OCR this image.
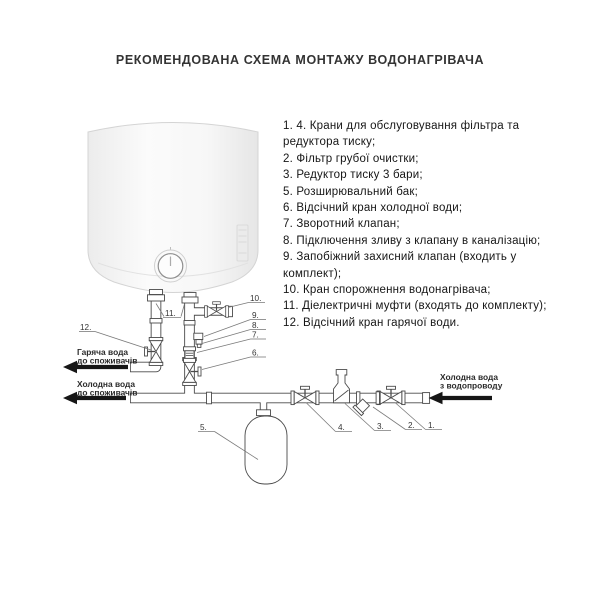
РЕКОМЕНДОВАНА СХЕМА МОНТАЖУ ВОДОНАГРІВАЧА
1. 4. Крани для обслуговування фільтра та
редуктора тиску;
2. Фільтр грубої очистки;
3. Редуктор тиску 3 бари;
5. Розширювальний бак;
6. Відсічний кран холодної води;
7. Зворотний клапан;
8. Підключення зливу з клапану в каналізацію;
9. Запобіжний захисний клапан (входить у
комплект);
10. Кран спорожнення водонагрівача;
11. Діелектричні муфти (входять до комплекту);
12. Відсічний кран гарячої води.
Гаряча вода
до споживачів
Холодна вода
до споживачів
Холодна вода
з водопроводу
12.
11.
10.
9.
8.
7.
6.
5.	4.	3.	2. 1.
